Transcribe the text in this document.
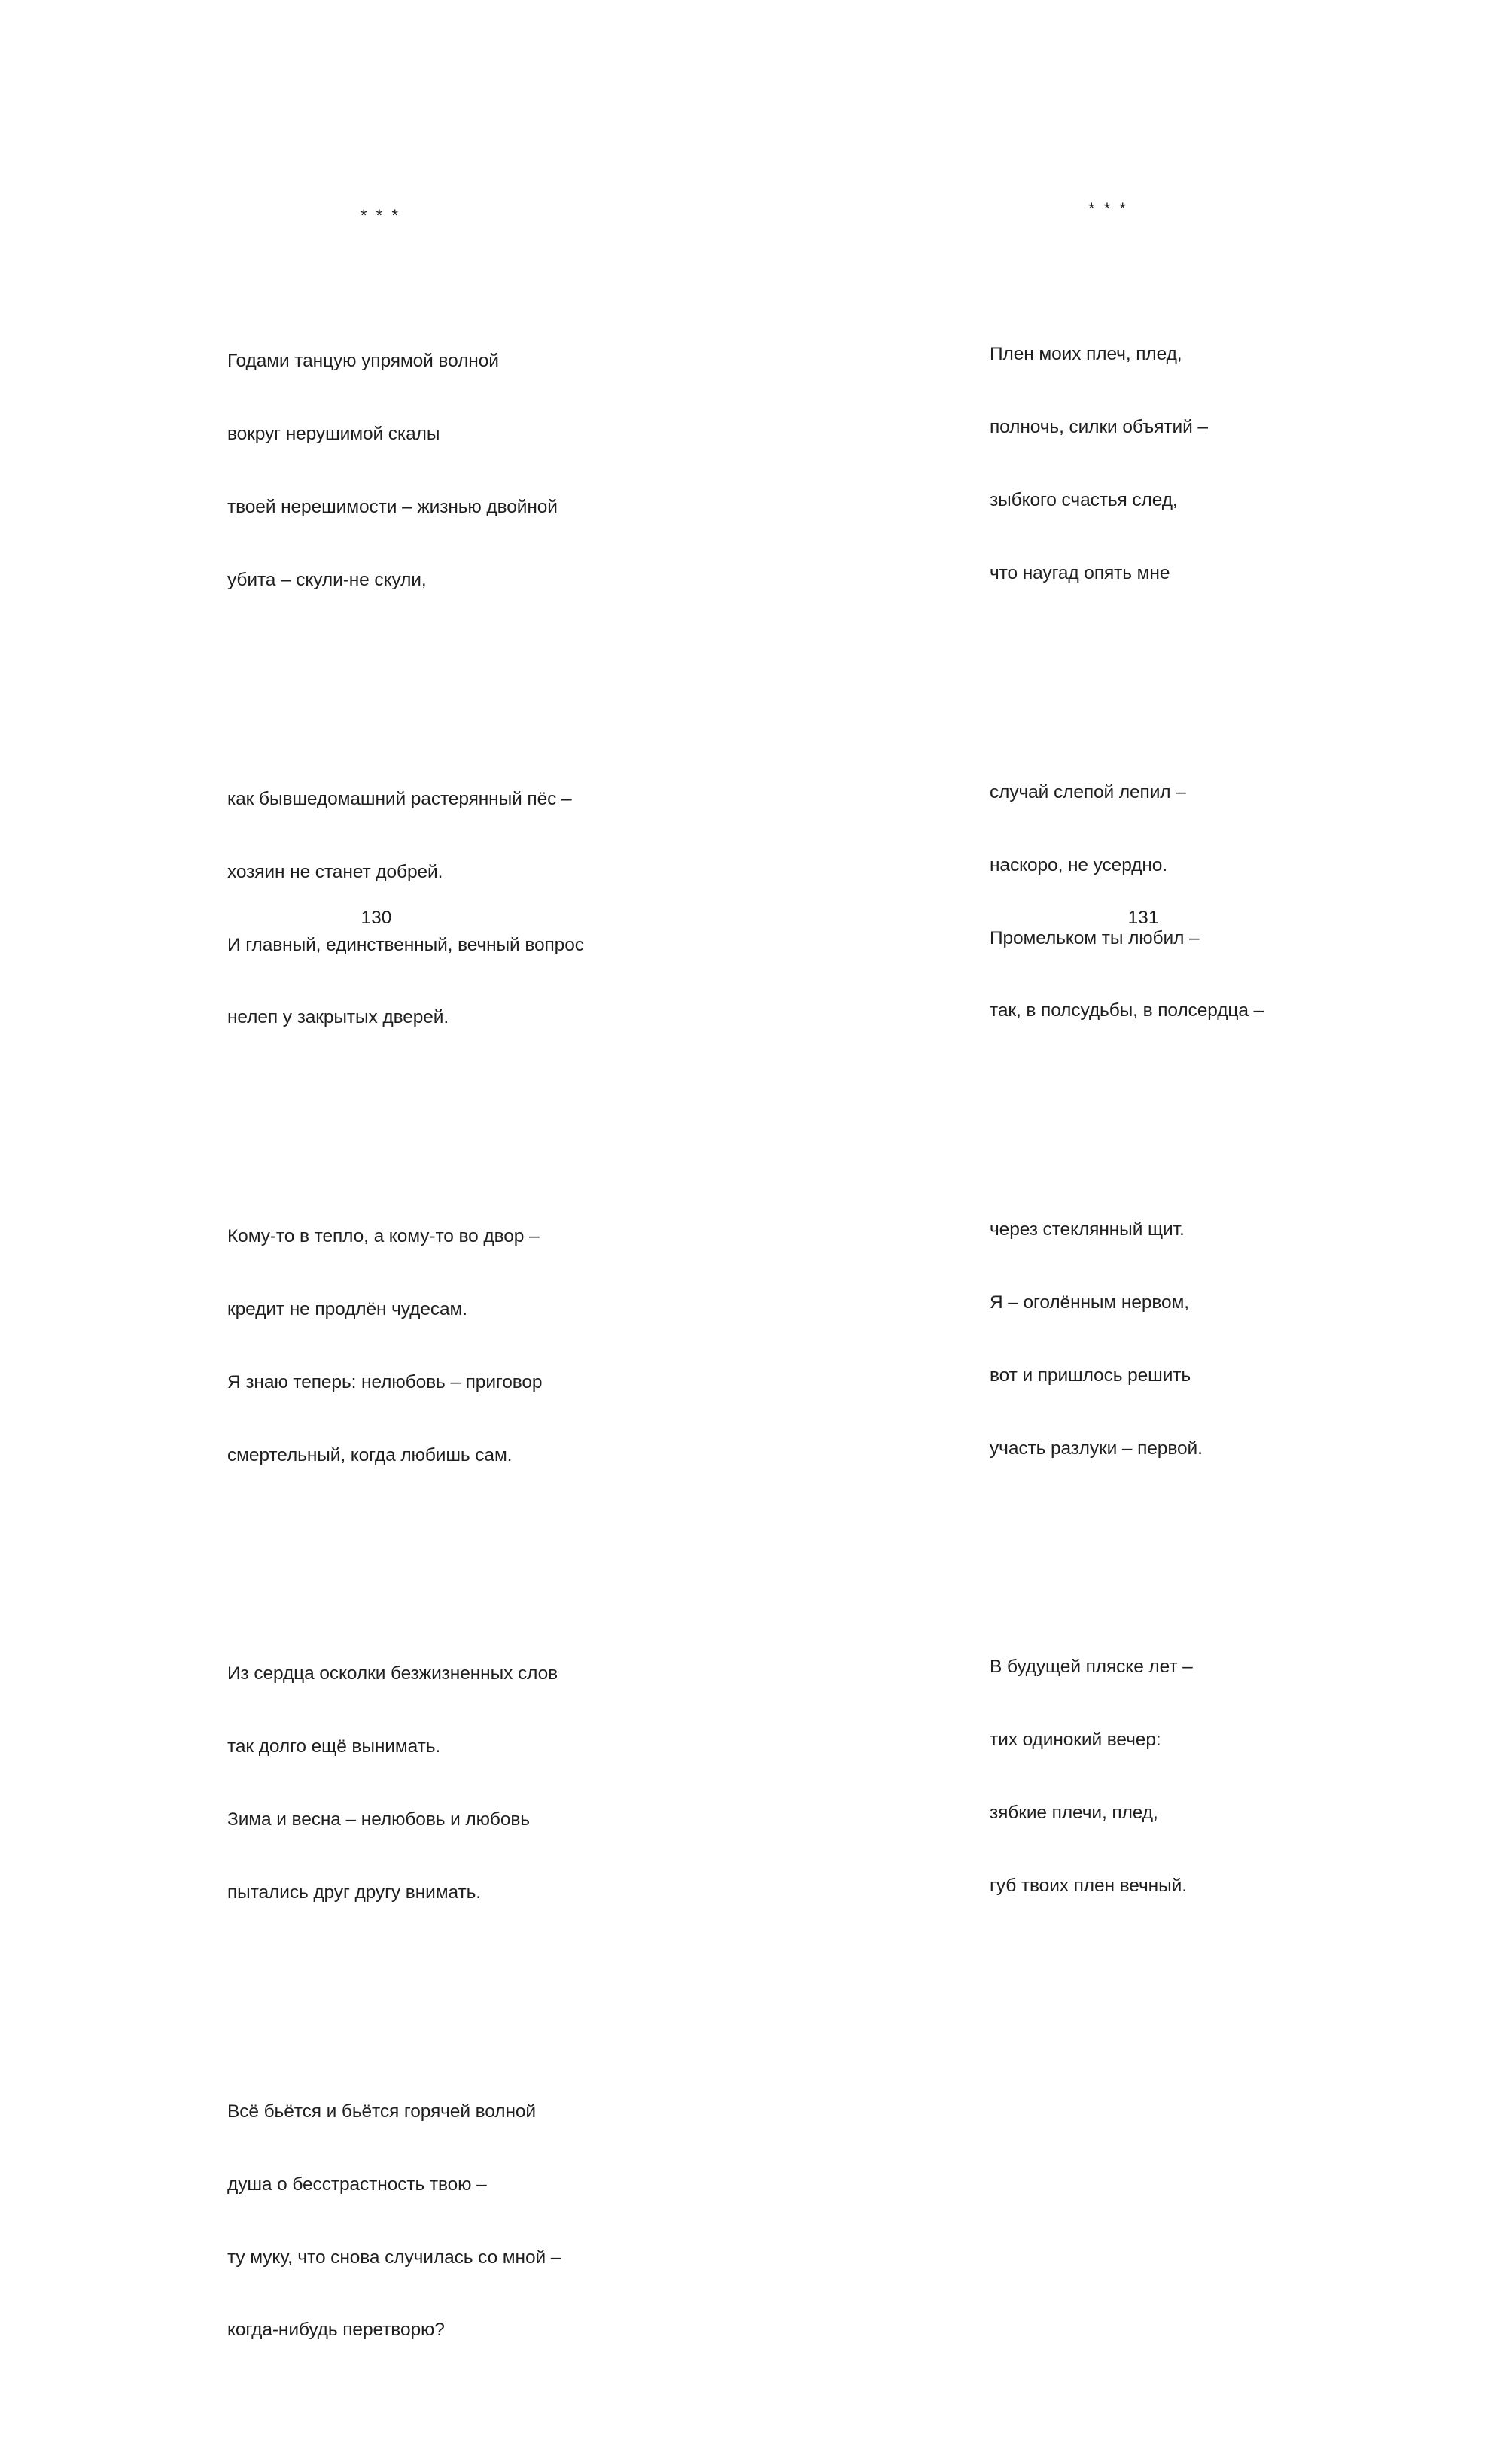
* * *

Годами танцую упрямой волной

вокруг нерушимой скалы

твоей нерешимости – жизнью двойной

убита – скули-не скули,

как бывшедомашний растерянный пёс –

хозяин не станет добрей.

И главный, единственный, вечный вопрос

нелеп у закрытых дверей.

Кому-то в тепло, а кому-то во двор –

кредит не продлён чудесам.

Я знаю теперь: нелюбовь – приговор

смертельный, когда любишь сам.

Из сердца осколки безжизненных слов

так долго ещё вынимать.

Зима и весна – нелюбовь и любовь

пытались друг другу внимать.

Всё бьётся и бьётся горячей волной

душа о бесстрастность твою –

ту муку, что снова случилась со мной –

когда-нибудь перетворю?

130

* * *

Плен моих плеч, плед,

полночь, силки объятий –

зыбкого счастья след,

что наугад опять мне

случай слепой лепил –

наскоро, не усердно.

Промельком ты любил –

так, в полсудьбы, в полсердца –

через стеклянный щит.

Я – оголённым нервом,

вот и пришлось решить

участь разлуки – первой.

В будущей пляске лет –

тих одинокий вечер:

зябкие плечи, плед,

губ твоих плен вечный.

131
